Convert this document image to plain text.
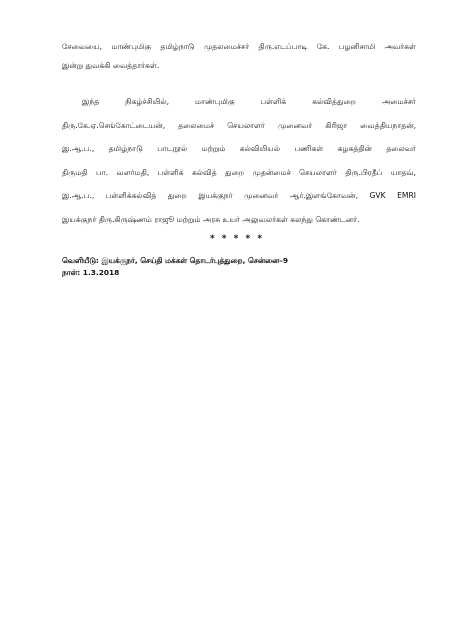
சேவையை, மாண்புமிகு தமிழ்நாடு முதலமைச்சர் திரு.எடப்பாடி கே. பழனிசாமி அவர்கள்
இன்று துவக்கி வைத்தார்கள்.
இந்த நிகழ்ச்சியில், மாண்புமிகு பள்ளிக் கல்வித்துறை அமைச்சர்
திரு.கே.ஏ.செங்கோட்டையன், தலைமைச் செயலாளர் முனைவர் கிரிஜா வைத்தியநாதன்,
இ.ஆ.ப., தமிழ்நாடு பாடநூல் மற்றும் கல்வியியல் பணிகள் கழகத்தின் தலைவர்
திருமதி பா. வளர்மதி, பள்ளிக் கல்வித் துறை முதன்மைச் செயலாளர் திரு.பிரதீப் யாதவ்,
இ.ஆ.ப., பள்ளிக்கல்வித் துறை இயக்குநர் முனைவர் ஆர்.இளங்கோவன், GVK EMRI
இயக்குநர் திரு.கிருஷ்ணம் ராஜூ மற்றும் அரசு உயர் அலுவலர்கள் கலந்து கொண்டனர்.
* * * * *
வெளியீடு: இயக்குநர், செய்தி மக்கள் தொடர்புத்துறை, சென்னை–9
நாள்: 1.3.2018
